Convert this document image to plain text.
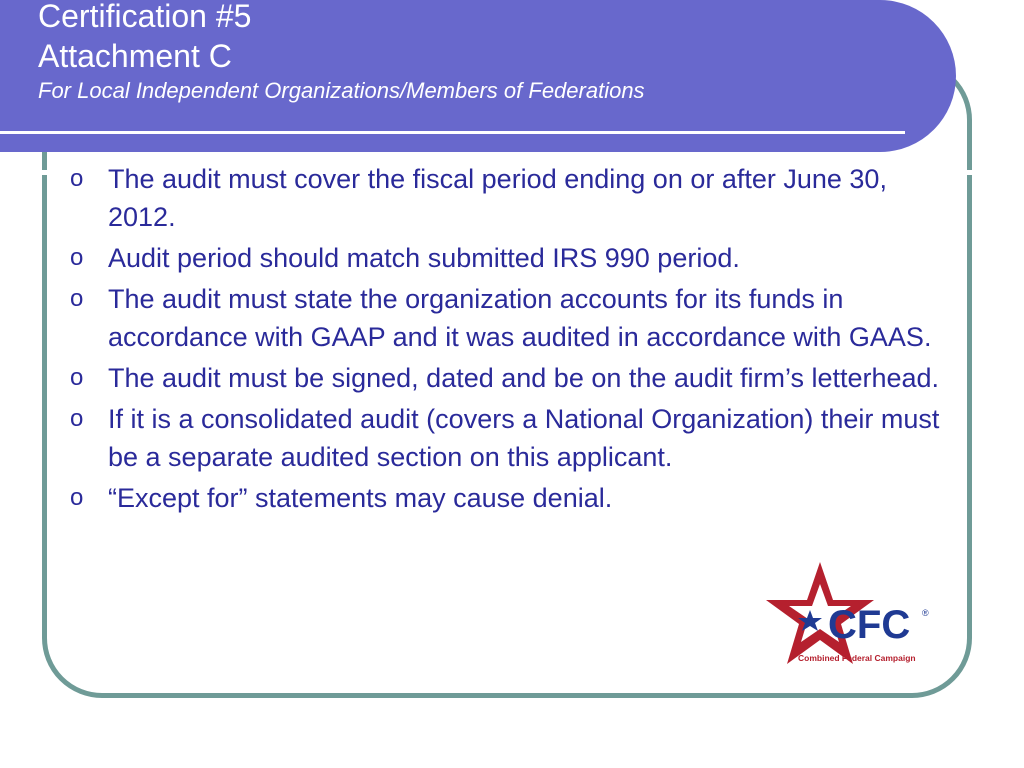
Certification #5
Attachment C
For Local Independent Organizations/Members of Federations
o The audit must cover the fiscal period ending on or after June 30, 2012.
o Audit period should match submitted IRS 990 period.
o The audit must state the organization accounts for its funds in accordance with GAAP and it was audited in accordance with GAAS.
o The audit must be signed, dated and be on the audit firm’s letterhead.
o If it is a consolidated audit (covers a National Organization) their must be a separate audited section on this applicant.
o “Except for” statements may cause denial.
CFC ®
Combined Federal Campaign
